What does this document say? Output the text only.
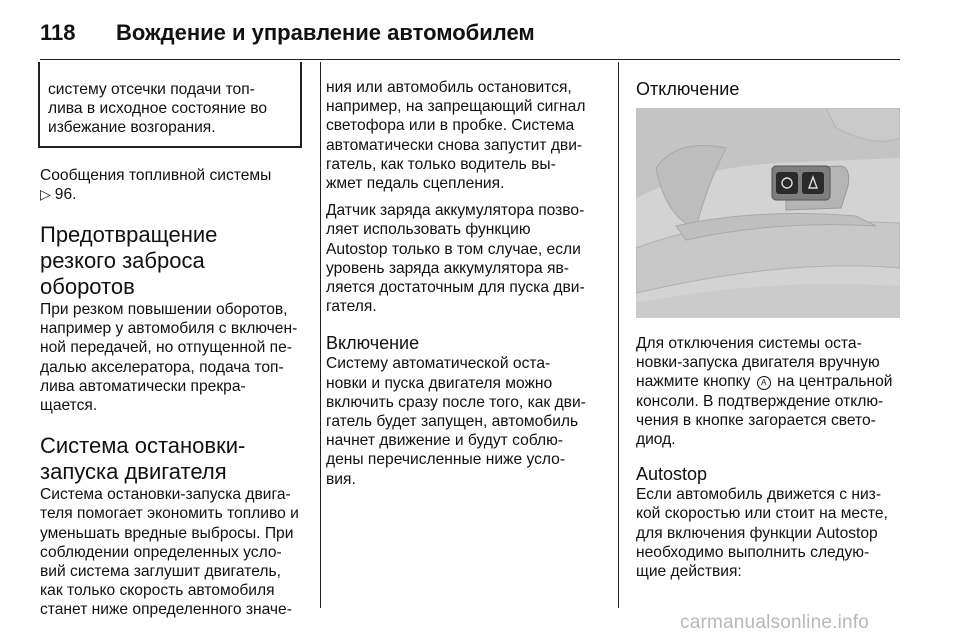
118 Вождение и управление автомобилем

систему отсечки подачи топ-

лива в исходное состояние во

избежание возгорания.

Сообщения топливной системы

▷ 96.

Предотвращение
резкого заброса
оборотов

При резком повышении оборотов,

например у автомобиля с включен-

ной передачей, но отпущенной пе-

далью акселератора, подача топ-

лива автоматически прекра-

щается.

Система остановки-
запуска двигателя

Система остановки-запуска двига-

теля помогает экономить топливо и

уменьшать вредные выбросы. При

соблюдении определенных усло-

вий система заглушит двигатель,

как только скорость автомобиля

станет ниже определенного значе-

ния или автомобиль остановится,

например, на запрещающий сигнал

светофора или в пробке. Система

автоматически снова запустит дви-

гатель, как только водитель вы-

жмет педаль сцепления.

Датчик заряда аккумулятора позво-

ляет использовать функцию

Autostop только в том случае, если

уровень заряда аккумулятора яв-

ляется достаточным для пуска дви-

гателя.

Включение

Систему автоматической оста-

новки и пуска двигателя можно

включить сразу после того, как дви-

гатель будет запущен, автомобиль

начнет движение и будут соблю-

дены перечисленные ниже усло-

вия.

Отключение

Для отключения системы оста-

новки-запуска двигателя вручную

нажмите кнопку A на центральной

консоли. В подтверждение отклю-

чения в кнопке загорается свето-

диод.

Autostop

Если автомобиль движется с низ-

кой скоростью или стоит на месте,

для включения функции Autostop

необходимо выполнить следую-

щие действия:

carmanualsonline.info
